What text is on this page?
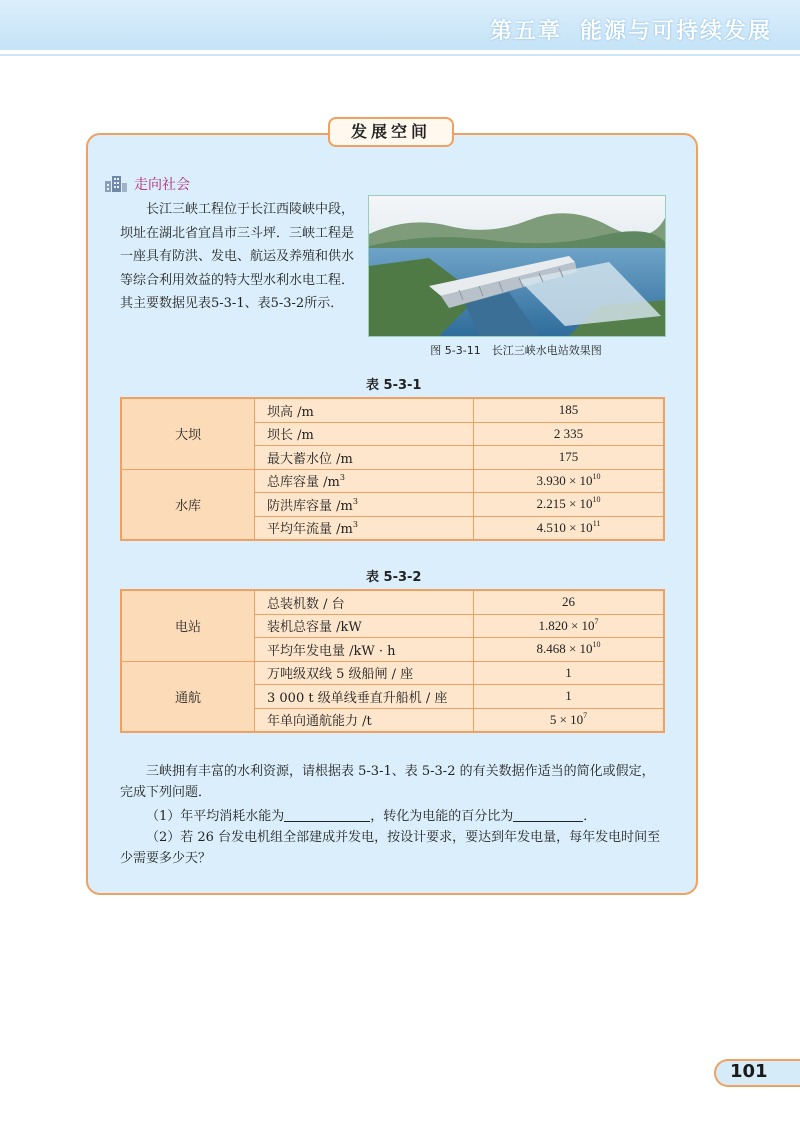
第五章 能源与可持续发展
发展空间
走向社会

长江三峡工程位于长江西陵峡中段，坝址在湖北省宜昌市三斗坪．三峡工程是一座具有防洪、发电、航运及养殖和供水等综合利用效益的特大型水利水电工程．其主要数据见表5-3-1、表5-3-2所示．

图 5-3-11　长江三峡水电站效果图
表 5-3-1
大坝	坝高 /m	185
	坝长 /m	2 335
	最大蓄水位 /m	175
水库	总库容量 $/m^3$	$3.930 \times 10^{10}$
	防洪库容量 $/m^3$	$2.215 \times 10^{10}$
	平均年流量 $/m^3$	$4.510 \times 10^{11}$
表 5-3-2
电站	总装机数 / 台	26
	装机总容量 /kW	$1.820 \times 10^7$
	平均年发电量 /kW · h	$8.468 \times 10^{10}$
通航	万吨级双线 5 级船闸 / 座	1
	3 000 t 级单线垂直升船机 / 座	1
	年单向通航能力 /t	$5 \times 10^7$

三峡拥有丰富的水利资源，请根据表 5-3-1、表 5-3-2 的有关数据作适当的简化或假定，完成下列问题．

（1）年平均消耗水能为	，转化为电能的百分比为	．

（2）若 26 台发电机组全部建成并发电，按设计要求，要达到年发电量，每年发电时间至少需要多少天？

101
